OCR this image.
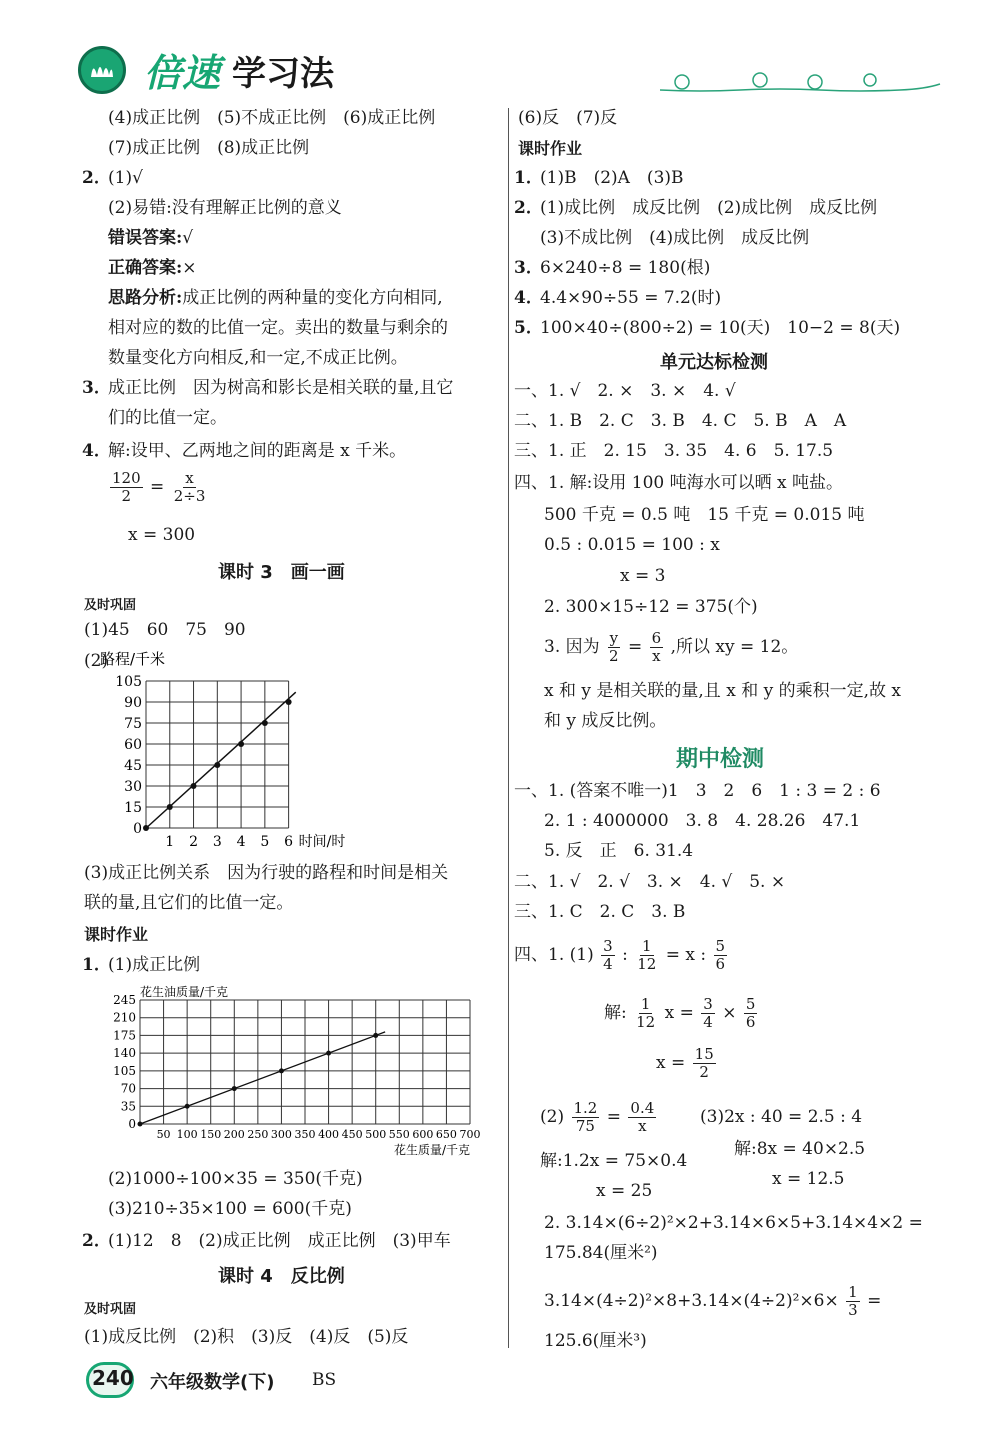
倍速 学习法
(4)成正比例　(5)不成正比例　(6)成正比例
(7)成正比例　(8)成正比例
2．
(1)√
(2)易错:没有理解正比例的意义
错误答案:√
正确答案:×
思路分析:成正比例的两种量的变化方向相同,
相对应的数的比值一定。卖出的数量与剩余的
数量变化方向相反,和一定,不成正比例。
3．
成正比例　因为树高和影长是相关联的量,且它
们的比值一定。
4．
解:设甲、乙两地之间的距离是 x 千米。
$\frac{120}{2} = \frac{x}{2\div 3}$
x = 300
课时 3　画一画
及时巩固
(1)45　60　75　90
(2)
路程/千米
0
15
30
45
60
75
90
105
1 2 3 4 5 6 时间/时
(3)成正比例关系　因为行驶的路程和时间是相关
联的量,且它们的比值一定。
课时作业
1．
(1)成正比例
花生油质量/千克
0
35
70
105
140
175
210
245
50 100 150 200 250 300 350 400 450 500 550 600 650 700
花生质量/千克
(2)1000÷100×35 = 350(千克)
(3)210÷35×100 = 600(千克)
2．
(1)12　8　(2)成正比例　成正比例　(3)甲车
课时 4　反比例
及时巩固
(1)成反比例　(2)积　(3)反　(4)反　(5)反
(6)反　(7)反
课时作业
1．
(1)B　(2)A　(3)B
2．
(1)成比例　成反比例　(2)成比例　成反比例
(3)不成比例　(4)成比例　成反比例
3．
6×240÷8 = 180(根)
4．
4.4×90÷55 = 7.2(时)
5．
100×40÷(800÷2) = 10(天)　10−2 = 8(天)
单元达标检测
一、1. √　2. ×　3. ×　4. √
二、1. B　2. C　3. B　4. C　5. B　A　A
三、1. 正　2. 15　3. 35　4. 6　5. 17.5
四、1. 解:设用 100 吨海水可以晒 x 吨盐。
500 千克 = 0.5 吨　15 千克 = 0.015 吨
0.5 : 0.015 = 100 : x
x = 3
2. 300×15÷12 = 375(个)
3. 因为 $\frac{y}{2} = \frac{6}{x}$ ,所以 xy = 12。
x 和 y 是相关联的量,且 x 和 y 的乘积一定,故 x
和 y 成反比例。
期中检测
一、1. (答案不唯一)1　3　2　6　1 : 3 = 2 : 6
2. 1 : 4000000　3. 8　4. 28.26　47.1
5. 反　正　6. 31.4
二、1. √　2. √　3. ×　4. √　5. ×
三、1. C　2. C　3. B
四、1. $(1) \frac{3}{4}$ : $\frac{1}{12} = x$ : $\frac{5}{6}$
解: $\frac{1}{12}$ $x = \frac{3}{4} \times \frac{5}{6}$
$x = \frac{15}{2}$
$(2) \frac{1.2}{75} = \frac{0.4}{x}$	(3)2x : 40 = 2.5 : 4
解:1.2x = 75×0.4
解:8x = 40×2.5
x = 25
x = 12.5
2. 3.14×(6÷2)²×2+3.14×6×5+3.14×4×2 =
175.84(厘米²)
$3.14\times(4\div 2)^2\times 8+3.14\times(4\div 2)^2\times 6\times \frac{1}{3}$ =
125.6(厘米³)
240 六年级数学(下) BS
